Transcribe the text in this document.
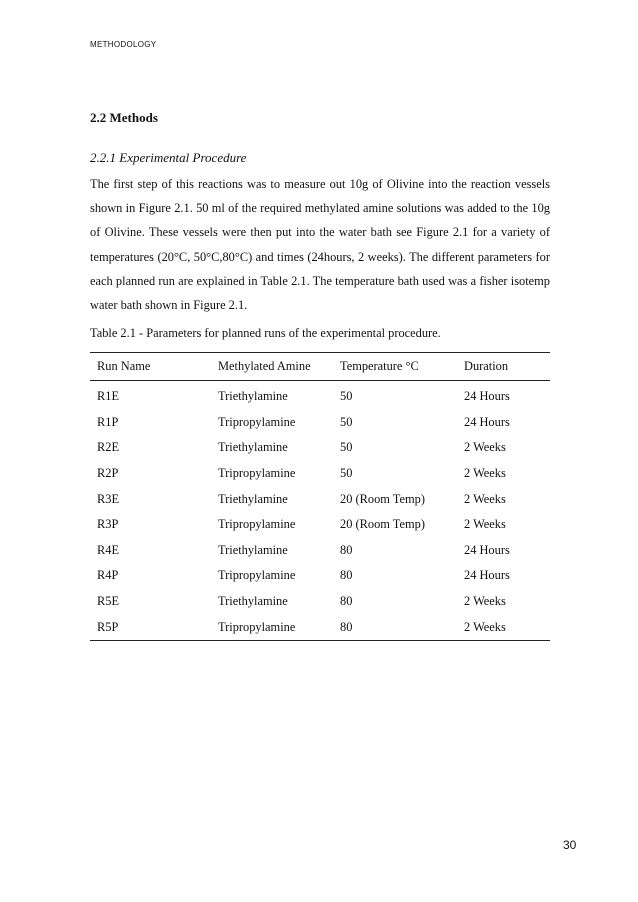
METHODOLOGY
2.2 Methods
2.2.1 Experimental Procedure
The first step of this reactions was to measure out 10g of Olivine into the reaction vessels shown in Figure 2.1. 50 ml of the required methylated amine solutions was added to the 10g of Olivine. These vessels were then put into the water bath see Figure 2.1 for a variety of temperatures (20°C, 50°C,80°C) and times (24hours, 2 weeks). The different parameters for each planned run are explained in Table 2.1. The temperature bath used was a fisher isotemp water bath shown in Figure 2.1.
Table 2.1 - Parameters for planned runs of the experimental procedure.
Run Name	Methylated Amine	Temperature °C	Duration
R1E	Triethylamine	50	24 Hours
R1P	Tripropylamine	50	24 Hours
R2E	Triethylamine	50	2 Weeks
R2P	Tripropylamine	50	2 Weeks
R3E	Triethylamine	20 (Room Temp)	2 Weeks
R3P	Tripropylamine	20 (Room Temp)	2 Weeks
R4E	Triethylamine	80	24 Hours
R4P	Tripropylamine	80	24 Hours
R5E	Triethylamine	80	2 Weeks
R5P	Tripropylamine	80	2 Weeks
30
